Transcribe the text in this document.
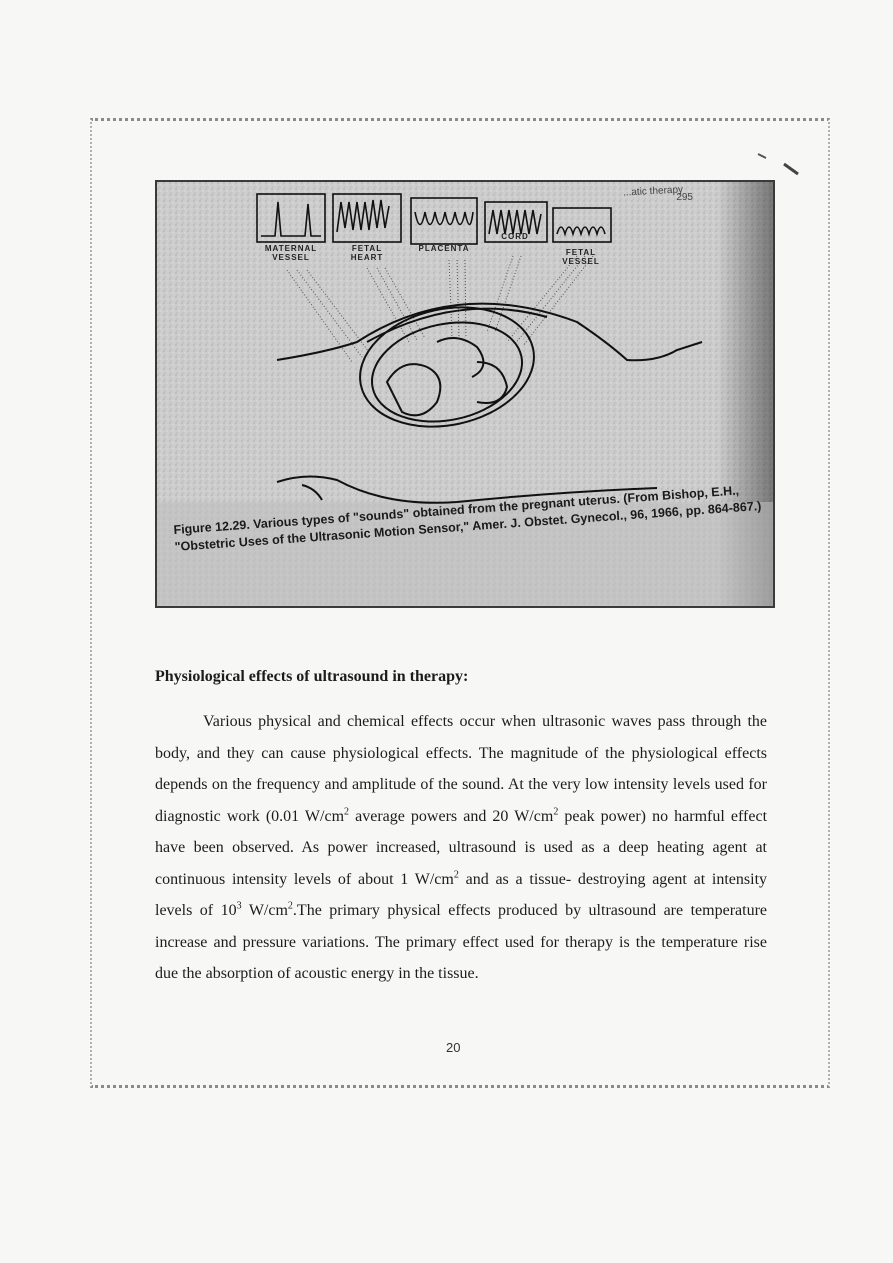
...atic therapy
295
MATERNAL VESSEL
FETAL HEART
PLACENTA
CORD
FETAL VESSEL
Figure 12.29. Various types of "sounds" obtained from the pregnant uterus. (From Bishop, E.H., "Obstetric Uses of the Ultrasonic Motion Sensor," Amer. J. Obstet. Gynecol., 96, 1966, pp. 864-867.)
Physiological effects of ultrasound in therapy:

Various physical and chemical effects occur when ultrasonic waves pass through the body, and they can cause physiological effects. The magnitude of the physiological effects depends on the frequency and amplitude of the sound. At the very low intensity levels used for diagnostic work (0.01 $W/cm^2$ average powers and 20 $W/cm^2$ peak power) no harmful effect have been observed. As power increased, ultrasound is used as a deep heating agent at continuous intensity levels of about 1 $W/cm^2$ and as a tissue- destroying agent at intensity levels of $10^3$ $W/cm^2.The$ primary physical effects produced by ultrasound are temperature increase and pressure variations. The primary effect used for therapy is the temperature rise due the absorption of acoustic energy in the tissue.

20
